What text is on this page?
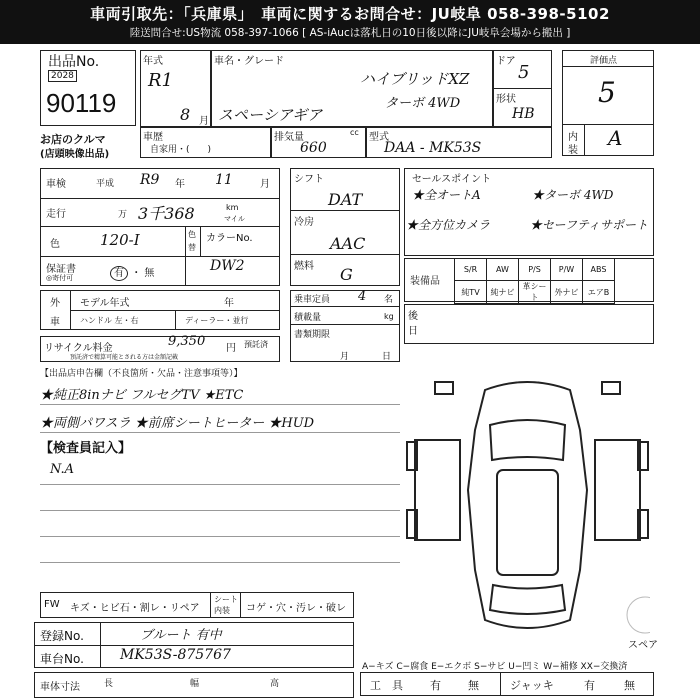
車両引取先：「兵庫県」　車両に関するお問合せ：JU岐阜 058-398-5102
陸送問合せ:US物流 058-397-1066 [ AS-iAucは落札日の10日後以降にJU岐阜会場から搬出 ]
出品No.
2028
90119
お店のクルマ
(店頭映像出品)
年式
R1
8 月
車名・グレード
ハイブリッドXZ
ターボ 4WD
スペーシアギア
ドア
5
形状
HB
車歴
自家用・(　　)
排気量	cc
660
型式
DAA - MK53S
評価点
5
内
装
A
車検	平成 R9 年 11	月
走行	万 3千368	km
マイル
色	120-I	色
替
カラーNo.
DW2
保証書
◎寄付可	有 ・ 無
外
車
モデル年式	年
ハンドル 左・右	ディーラー・並行
リサイクル料金	9,350 円 預託済
預託済で精算可能とされる方は金額記載
シフト
DAT
冷房
AAC
燃料 G
乗車定員 4 名
積載量	kg
書類期限
月	日
セールスポイント
★全オートA	★ターボ 4WD
★全方位カメラ	★セーフティサポート
装備品
S/R	AW	P/S	P/W	ABS
純TV	純ナビ	革シート	外ナビ	エアB
後
日
【出品店申告欄（不良箇所・欠品・注意事項等）】
★純正8inナビ フルセグTV ★ETC
★両側パワスラ ★前席シートヒーター ★HUD
【検査員記入】
N.A
スペア
FW キズ・ヒビ石・割レ・リペア
シート
内装 コゲ・穴・汚レ・破レ
登録No.	ブルート 有中
車台No.	MK53S-875767
A−キズ C−腐食 E−エクボ S−サビ U−凹ミ W−補修 XX−交換済
車体寸法	長	幅	高	工　具 有 無	ジャッキ	有	無
